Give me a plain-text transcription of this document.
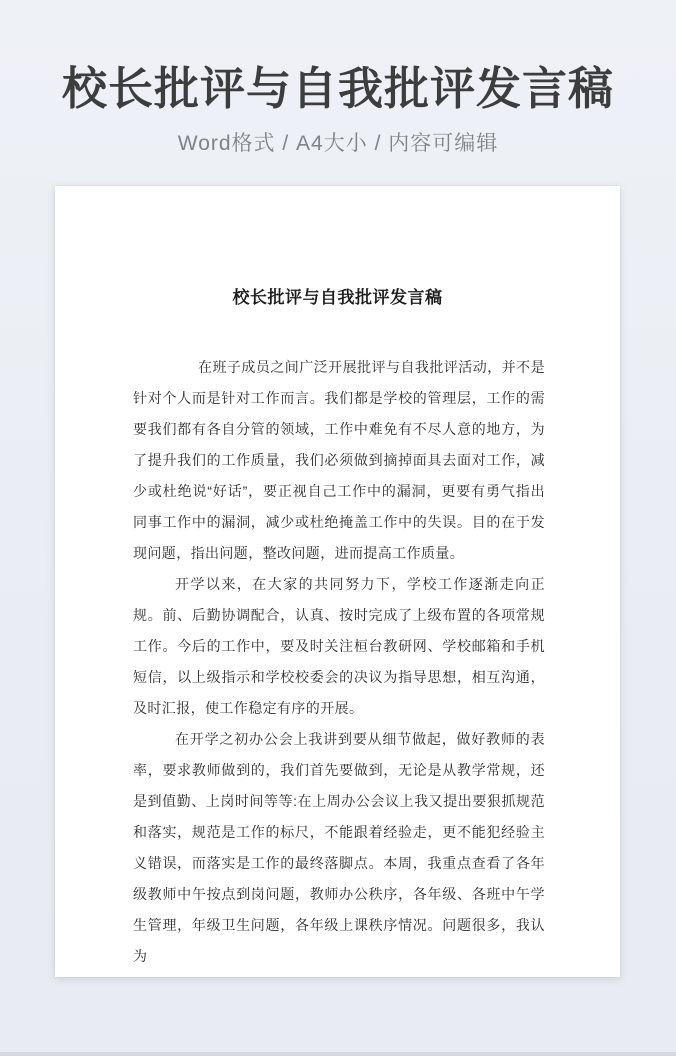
校长批评与自我批评发言稿
Word格式 / A4大小 / 内容可编辑
校长批评与自我批评发言稿

在班子成员之间广泛开展批评与自我批评活动，并不是针对个人而是针对工作而言。我们都是学校的管理层，工作的需要我们都有各自分管的领域，工作中难免有不尽人意的地方，为了提升我们的工作质量，我们必须做到摘掉面具去面对工作，减少或杜绝说“好话”，要正视自己工作中的漏洞，更要有勇气指出同事工作中的漏洞，减少或杜绝掩盖工作中的失误。目的在于发现问题，指出问题，整改问题，进而提高工作质量。

开学以来，在大家的共同努力下，学校工作逐渐走向正规。前、后勤协调配合，认真、按时完成了上级布置的各项常规工作。今后的工作中，要及时关注桓台教研网、学校邮箱和手机短信，以上级指示和学校校委会的决议为指导思想，相互沟通，及时汇报，使工作稳定有序的开展。

在开学之初办公会上我讲到要从细节做起，做好教师的表率，要求教师做到的，我们首先要做到，无论是从教学常规，还是到值勤、上岗时间等等:在上周办公会议上我又提出要狠抓规范和落实，规范是工作的标尺，不能跟着经验走，更不能犯经验主义错误，而落实是工作的最终落脚点。本周，我重点查看了各年级教师中午按点到岗问题，教师办公秩序，各年级、各班中午学生管理，年级卫生问题，各年级上课秩序情况。问题很多，我认为
